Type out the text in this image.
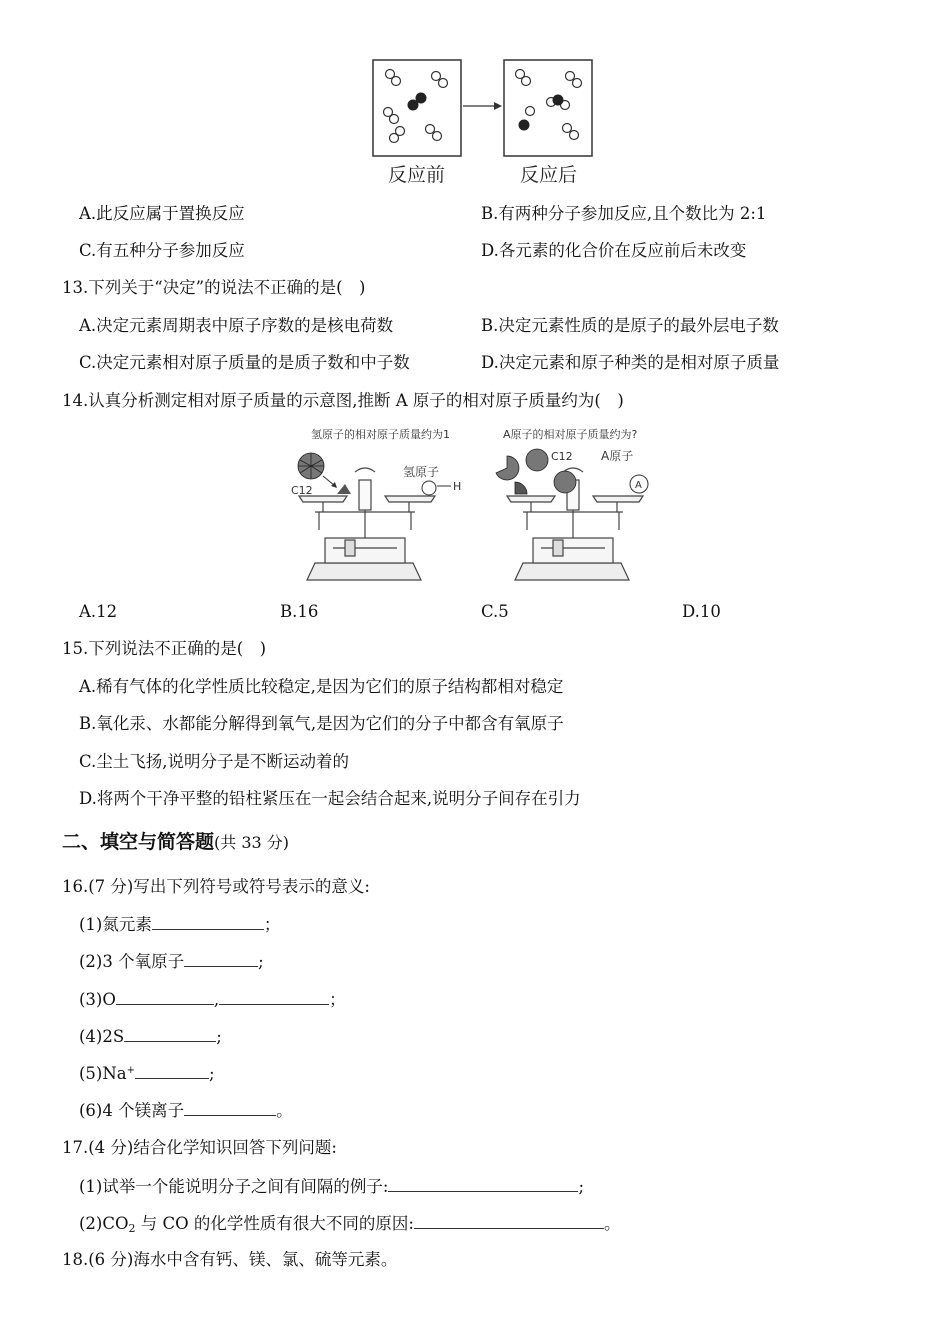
反应前	反应后
A.此反应属于置换反应	B.有两种分子参加反应,且个数比为 2:1
C.有五种分子参加反应	D.各元素的化合价在反应前后未改变
13.下列关于“决定”的说法不正确的是(　)
A.决定元素周期表中原子序数的是核电荷数	B.决定元素性质的是原子的最外层电子数
C.决定元素相对原子质量的是质子数和中子数	D.决定元素和原子种类的是相对原子质量
14.认真分析测定相对原子质量的示意图,推断 A 原子的相对原子质量约为(　)
氢原子的相对原子质量约为1	A原子的相对原子质量约为?
C12
氢原子
H
C12 A原子
A
A.12	B.16	C.5	D.10
15.下列说法不正确的是(　)
A.稀有气体的化学性质比较稳定,是因为它们的原子结构都相对稳定
B.氧化汞、水都能分解得到氧气,是因为它们的分子中都含有氧原子
C.尘土飞扬,说明分子是不断运动着的
D.将两个干净平整的铅柱紧压在一起会结合起来,说明分子间存在引力
二、填空与简答题(共 33 分)
16.(7 分)写出下列符号或符号表示的意义:
(1)氮元素	；
(2)3 个氧原子	;
(3)O	,	；
(4)2S	;
(5)Na+	;
(6)4 个镁离子	。
17.(4 分)结合化学知识回答下列问题:
(1)试举一个能说明分子之间有间隔的例子:	;
$(2)CO_2$ 与 CO 的化学性质有很大不同的原因:	。
18.(6 分)海水中含有钙、镁、氯、硫等元素。
